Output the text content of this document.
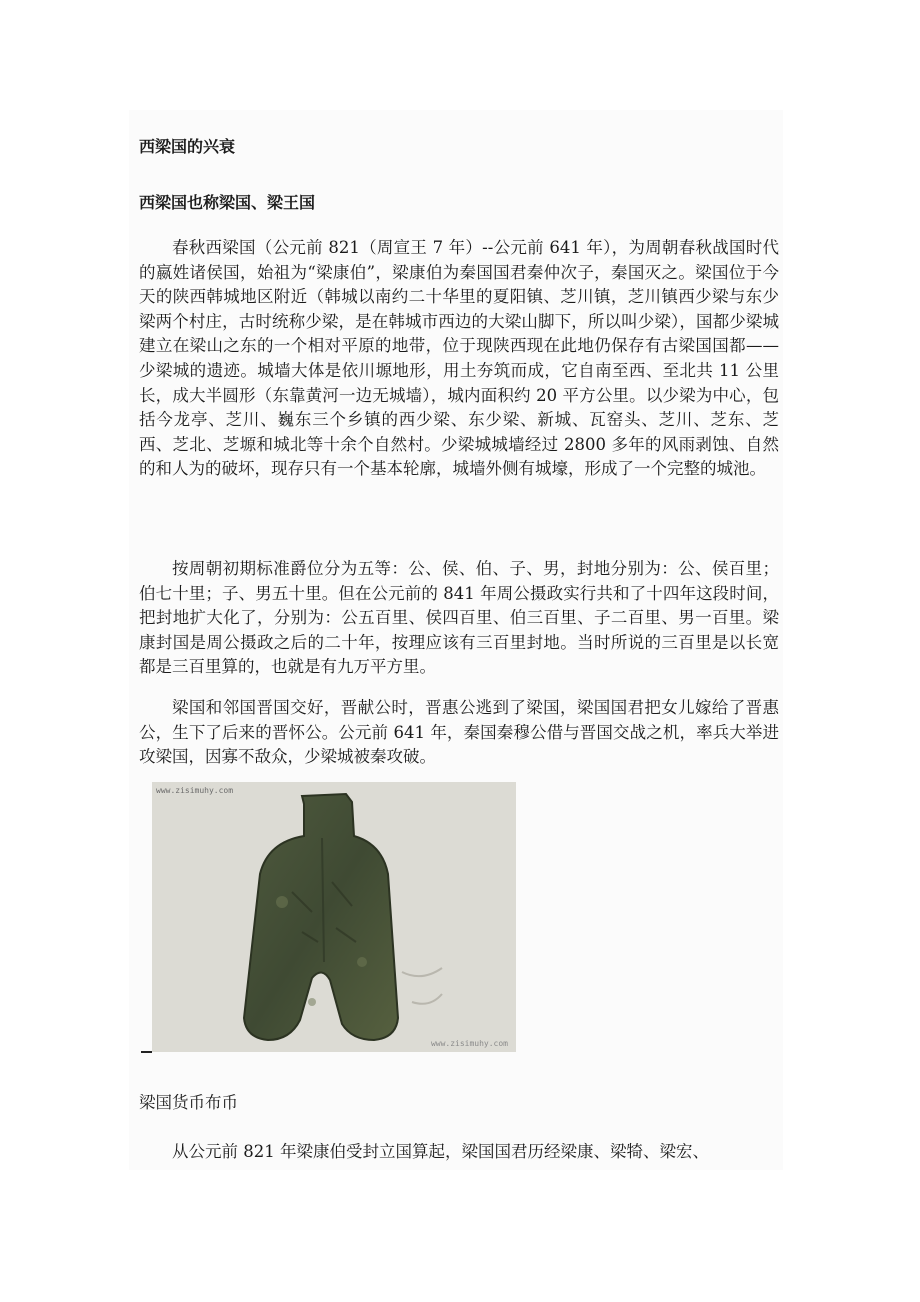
西梁国的兴衰
西梁国也称梁国、梁王国

春秋西梁国（公元前 821（周宣王 7 年）--公元前 641 年），为周朝春秋战国时代的嬴姓诸侯国，始祖为“梁康伯”，梁康伯为秦国国君秦仲次子，秦国灭之。梁国位于今天的陕西韩城地区附近（韩城以南约二十华里的夏阳镇、芝川镇，芝川镇西少梁与东少梁两个村庄，古时统称少梁，是在韩城市西边的大梁山脚下，所以叫少梁），国都少梁城建立在梁山之东的一个相对平原的地带，位于现陕西现在此地仍保存有古梁国国都——少梁城的遗迹。城墙大体是依川塬地形，用土夯筑而成，它自南至西、至北共 11 公里长，成大半圆形（东靠黄河一边无城墙），城内面积约 20 平方公里。以少梁为中心，包括今龙亭、芝川、巍东三个乡镇的西少梁、东少梁、新城、瓦窑头、芝川、芝东、芝西、芝北、芝塬和城北等十余个自然村。少梁城城墙经过 2800 多年的风雨剥蚀、自然的和人为的破坏，现存只有一个基本轮廓，城墙外侧有城壕，形成了一个完整的城池。

按周朝初期标准爵位分为五等：公、侯、伯、子、男，封地分别为：公、侯百里；伯七十里；子、男五十里。但在公元前的 841 年周公摄政实行共和了十四年这段时间，把封地扩大化了，分别为：公五百里、侯四百里、伯三百里、子二百里、男一百里。梁康封国是周公摄政之后的二十年，按理应该有三百里封地。当时所说的三百里是以长宽都是三百里算的，也就是有九万平方里。

梁国和邻国晋国交好，晋献公时，晋惠公逃到了梁国，梁国国君把女儿嫁给了晋惠公，生下了后来的晋怀公。公元前 641 年，秦国秦穆公借与晋国交战之机，率兵大举进攻梁国，因寡不敌众，少梁城被秦攻破。

梁国货币布币

从公元前 821 年梁康伯受封立国算起，梁国国君历经梁康、梁犄、梁宏、

www.zisimuhy.com
www.zisimuhy.com
